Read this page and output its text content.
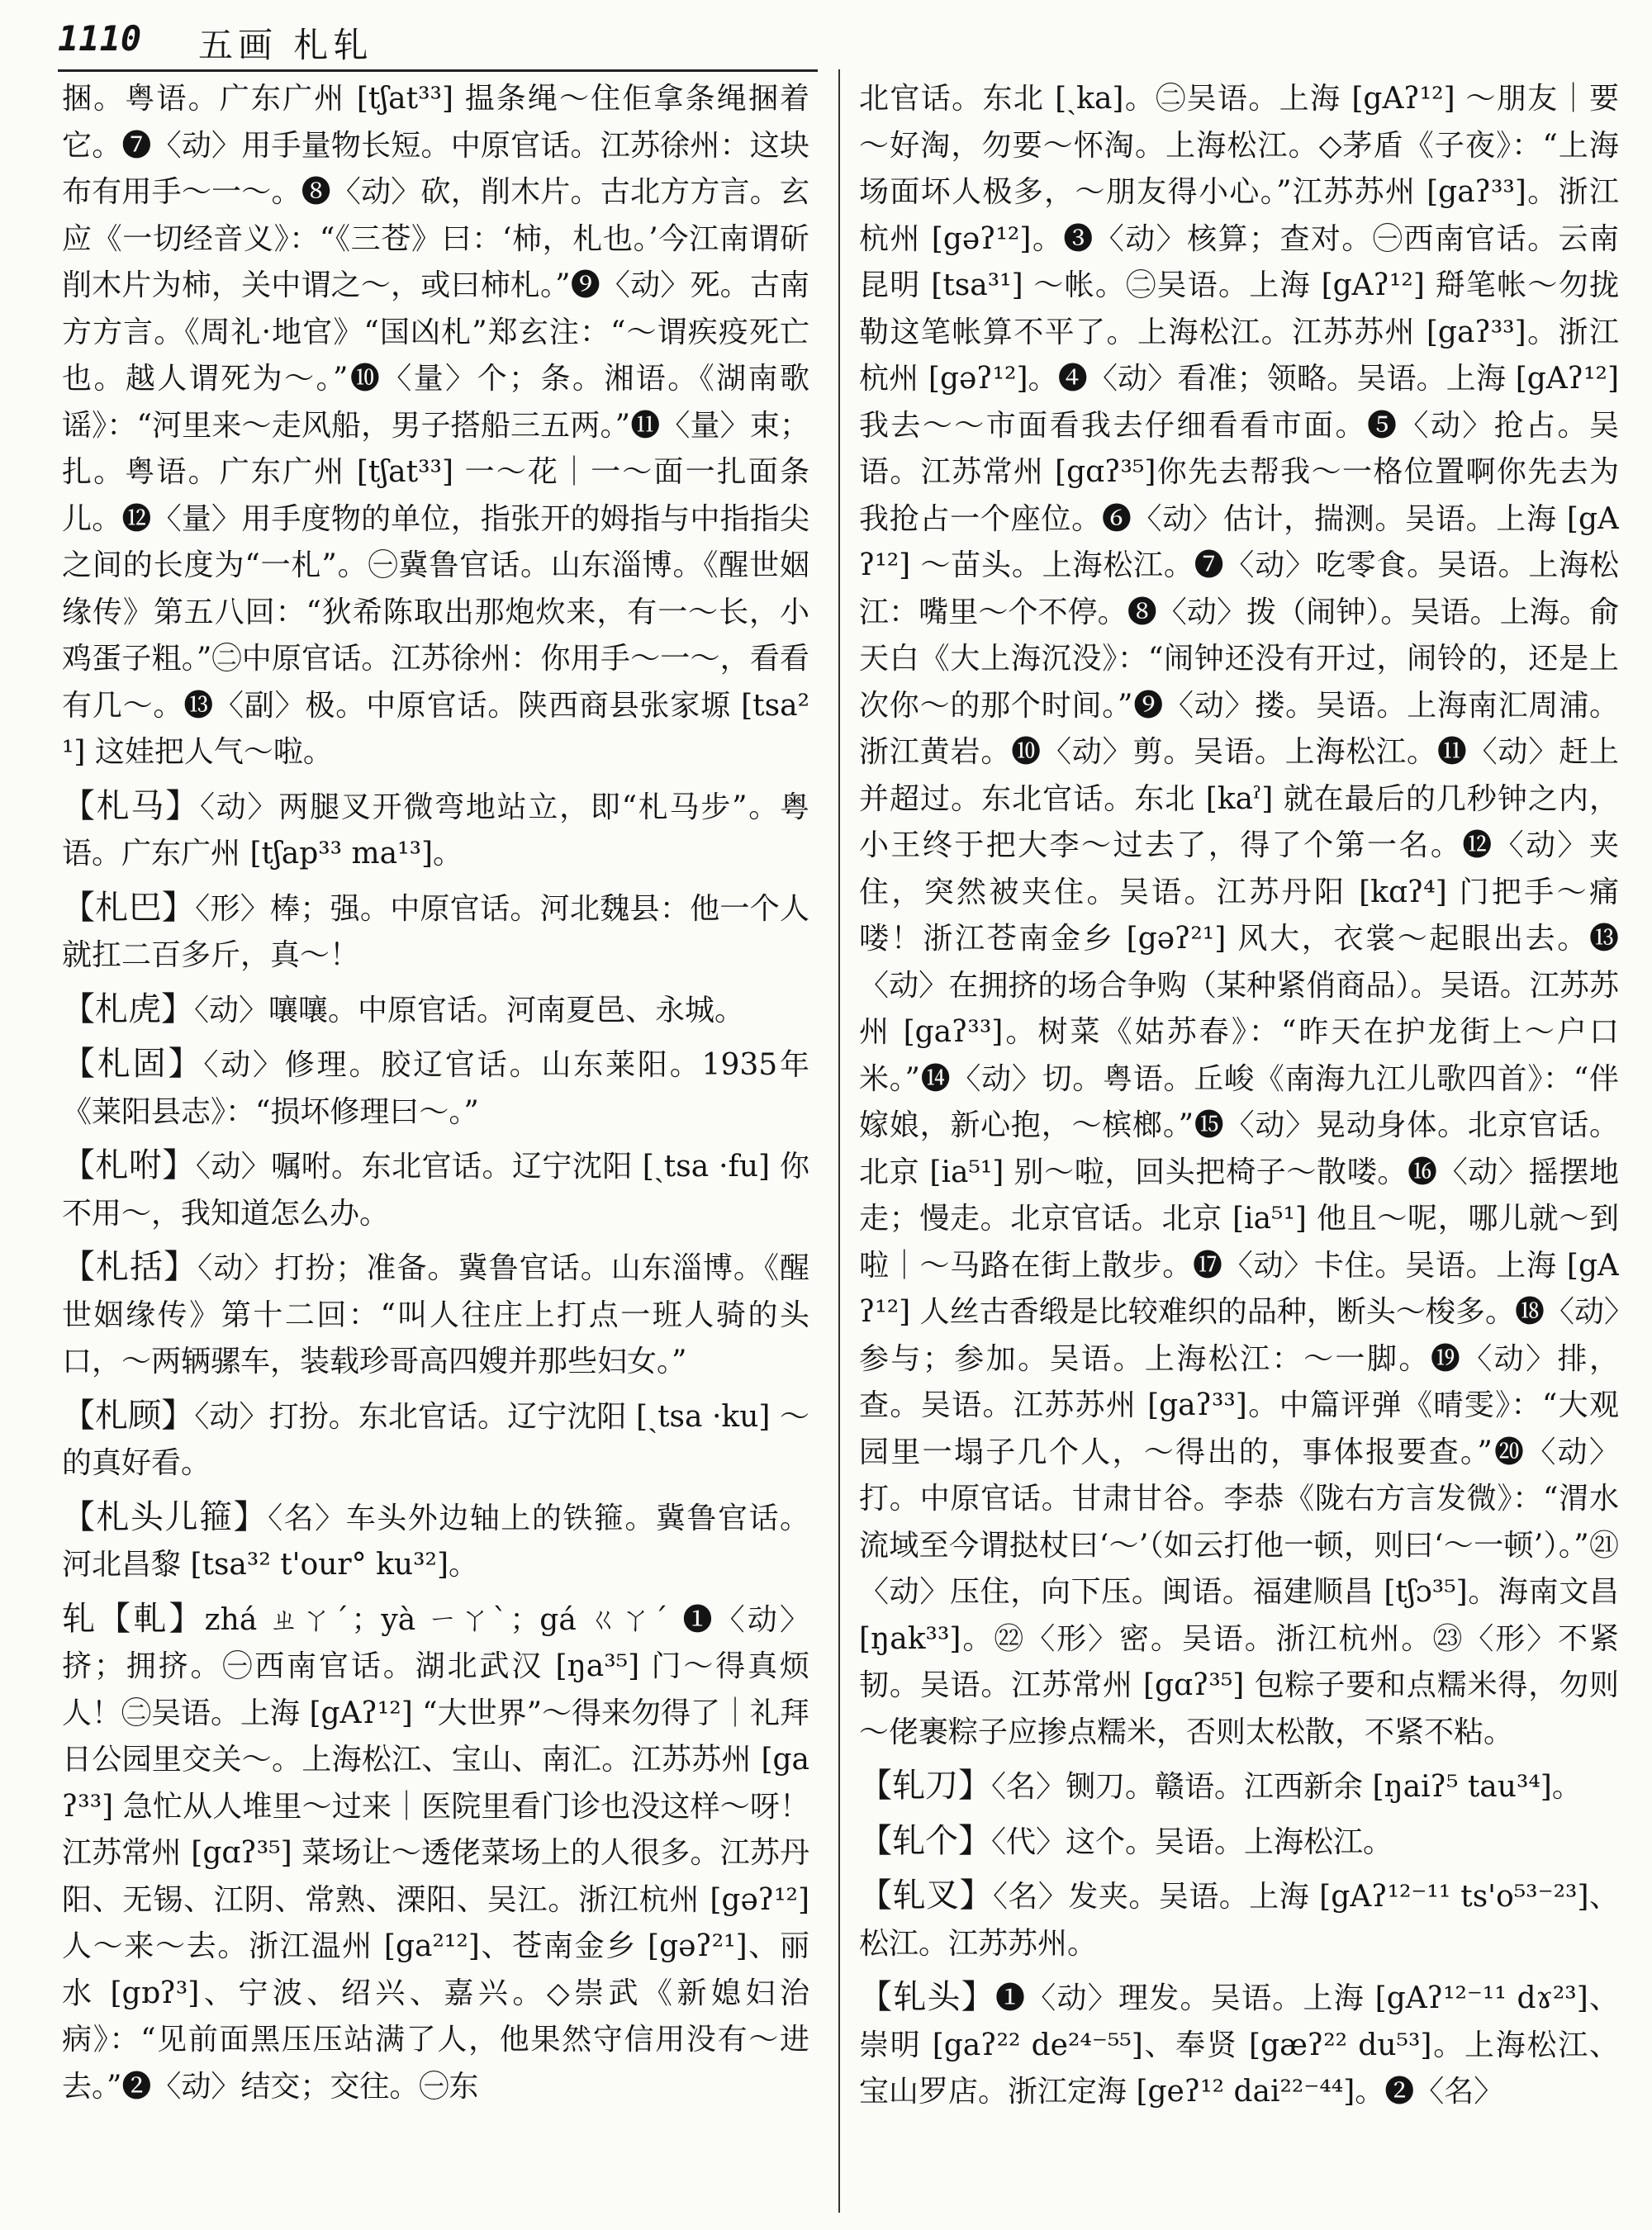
1110 五画 札轧

捆。粤语。广东广州 [tʃat³³] 揾条绳～住佢拿条绳捆着它。❼〈动〉用手量物长短。中原官话。江苏徐州：这块布有用手～一～。❽〈动〉砍，削木片。古北方方言。玄应《一切经音义》：“《三苍》曰：‘柿，札也。’今江南谓斫削木片为柿，关中谓之～，或曰柿札。”❾〈动〉死。古南方方言。《周礼·地官》“国凶札”郑玄注：“～谓疾疫死亡也。越人谓死为～。”❿〈量〉个；条。湘语。《湖南歌谣》：“河里来～走风船，男子搭船三五两。”⓫〈量〉束；扎。粤语。广东广州 [tʃat³³] 一～花｜一～面一扎面条儿。⓬〈量〉用手度物的单位，指张开的姆指与中指指尖之间的长度为“一札”。㊀冀鲁官话。山东淄博。《醒世姻缘传》第五八回：“狄希陈取出那炮炊来，有一～长，小鸡蛋子粗。”㊁中原官话。江苏徐州：你用手～一～，看看有几～。⓭〈副〉极。中原官话。陕西商县张家塬 [tsa²¹] 这娃把人气～啦。

【札马】〈动〉两腿叉开微弯地站立，即“札马步”。粤语。广东广州 [tʃap³³ ma¹³]。

【札巴】〈形〉棒；强。中原官话。河北魏县：他一个人就扛二百多斤，真～！

【札虎】〈动〉嚷嚷。中原官话。河南夏邑、永城。

【札固】〈动〉修理。胶辽官话。山东莱阳。1935年《莱阳县志》：“损坏修理曰～。”

【札咐】〈动〉嘱咐。东北官话。辽宁沈阳 [ˏtsa ·fu] 你不用～，我知道怎么办。

【札括】〈动〉打扮；准备。冀鲁官话。山东淄博。《醒世姻缘传》第十二回：“叫人往庄上打点一班人骑的头口，～两辆骡车，装载珍哥高四嫂并那些妇女。”

【札顾】〈动〉打扮。东北官话。辽宁沈阳 [ˏtsa ·ku] ～的真好看。

【札头儿箍】〈名〉车头外边轴上的铁箍。冀鲁官话。河北昌黎 [tsa³² t'our° ku³²]。

轧【軋】zhá ㄓㄚˊ；yà ㄧㄚˋ；gá ㄍㄚˊ ❶〈动〉挤；拥挤。㊀西南官话。湖北武汉 [ŋa³⁵] 门～得真烦人！㊁吴语。上海 [gAʔ¹²] “大世界”～得来勿得了｜礼拜日公园里交关～。上海松江、宝山、南汇。江苏苏州 [gaʔ³³] 急忙从人堆里～过来｜医院里看门诊也没这样～呀！江苏常州 [gɑʔ³⁵] 菜场让～透佬菜场上的人很多。江苏丹阳、无锡、江阴、常熟、溧阳、吴江。浙江杭州 [gəʔ¹²] 人～来～去。浙江温州 [ga²¹²]、苍南金乡 [gəʔ²¹]、丽水 [gɒʔ³]、宁波、绍兴、嘉兴。◇崇武《新媳妇治病》：“见前面黑压压站满了人，他果然守信用没有～进去。”❷〈动〉结交；交往。㊀东

北官话。东北 [ˏka]。㊁吴语。上海 [gAʔ¹²] ～朋友｜要～好淘，勿要～怀淘。上海松江。◇茅盾《子夜》：“上海场面坏人极多，～朋友得小心。”江苏苏州 [gaʔ³³]。浙江杭州 [gəʔ¹²]。❸〈动〉核算；查对。㊀西南官话。云南昆明 [tsa³¹] ～帐。㊁吴语。上海 [gAʔ¹²] 搿笔帐～勿拢勒这笔帐算不平了。上海松江。江苏苏州 [gaʔ³³]。浙江杭州 [gəʔ¹²]。❹〈动〉看准；领略。吴语。上海 [gAʔ¹²] 我去～～市面看我去仔细看看市面。❺〈动〉抢占。吴语。江苏常州 [gɑʔ³⁵]你先去帮我～一格位置啊你先去为我抢占一个座位。❻〈动〉估计，揣测。吴语。上海 [gAʔ¹²] ～苗头。上海松江。❼〈动〉吃零食。吴语。上海松江：嘴里～个不停。❽〈动〉拨（闹钟）。吴语。上海。俞天白《大上海沉没》：“闹钟还没有开过，闹铃的，还是上次你～的那个时间。”❾〈动〉搂。吴语。上海南汇周浦。浙江黄岩。❿〈动〉剪。吴语。上海松江。⓫〈动〉赶上并超过。东北官话。东北 [kaˀ] 就在最后的几秒钟之内，小王终于把大李～过去了，得了个第一名。⓬〈动〉夹住，突然被夹住。吴语。江苏丹阳 [kɑʔ⁴] 门把手～痛喽！浙江苍南金乡 [gəʔ²¹] 风大，衣裳～起眼出去。⓭〈动〉在拥挤的场合争购（某种紧俏商品）。吴语。江苏苏州 [gaʔ³³]。树菜《姑苏春》：“昨天在护龙街上～户口米。”⓮〈动〉切。粤语。丘峻《南海九江儿歌四首》：“伴嫁娘，新心抱，～槟榔。”⓯〈动〉晃动身体。北京官话。北京 [ia⁵¹] 别～啦，回头把椅子～散喽。⓰〈动〉摇摆地走；慢走。北京官话。北京 [ia⁵¹] 他且～呢，哪儿就～到啦｜～马路在街上散步。⓱〈动〉卡住。吴语。上海 [gAʔ¹²] 人丝古香缎是比较难织的品种，断头～梭多。⓲〈动〉参与；参加。吴语。上海松江：～一脚。⓳〈动〉排，查。吴语。江苏苏州 [gaʔ³³]。中篇评弹《晴雯》：“大观园里一塌子几个人，～得出的，事体报要查。”⓴〈动〉打。中原官话。甘肃甘谷。李恭《陇右方言发微》：“渭水流域至今谓挞杖曰‘～’（如云打他一顿，则曰‘～一顿’）。”㉑〈动〉压住，向下压。闽语。福建顺昌 [tʃɔ³⁵]。海南文昌 [ŋak³³]。㉒〈形〉密。吴语。浙江杭州。㉓〈形〉不紧韧。吴语。江苏常州 [gɑʔ³⁵] 包粽子要和点糯米得，勿则～佬裹粽子应掺点糯米，否则太松散，不紧不粘。

【轧刀】〈名〉铡刀。赣语。江西新余 [ŋaiʔ⁵ tau³⁴]。

【轧个】〈代〉这个。吴语。上海松江。

【轧叉】〈名〉发夹。吴语。上海 [gAʔ¹²⁻¹¹ ts'o⁵³⁻²³]、松江。江苏苏州。

【轧头】❶〈动〉理发。吴语。上海 [gAʔ¹²⁻¹¹ dɤ²³]、崇明 [gaʔ²² de²⁴⁻⁵⁵]、奉贤 [gæʔ²² du⁵³]。上海松江、宝山罗店。浙江定海 [geʔ¹² dai²²⁻⁴⁴]。❷〈名〉
